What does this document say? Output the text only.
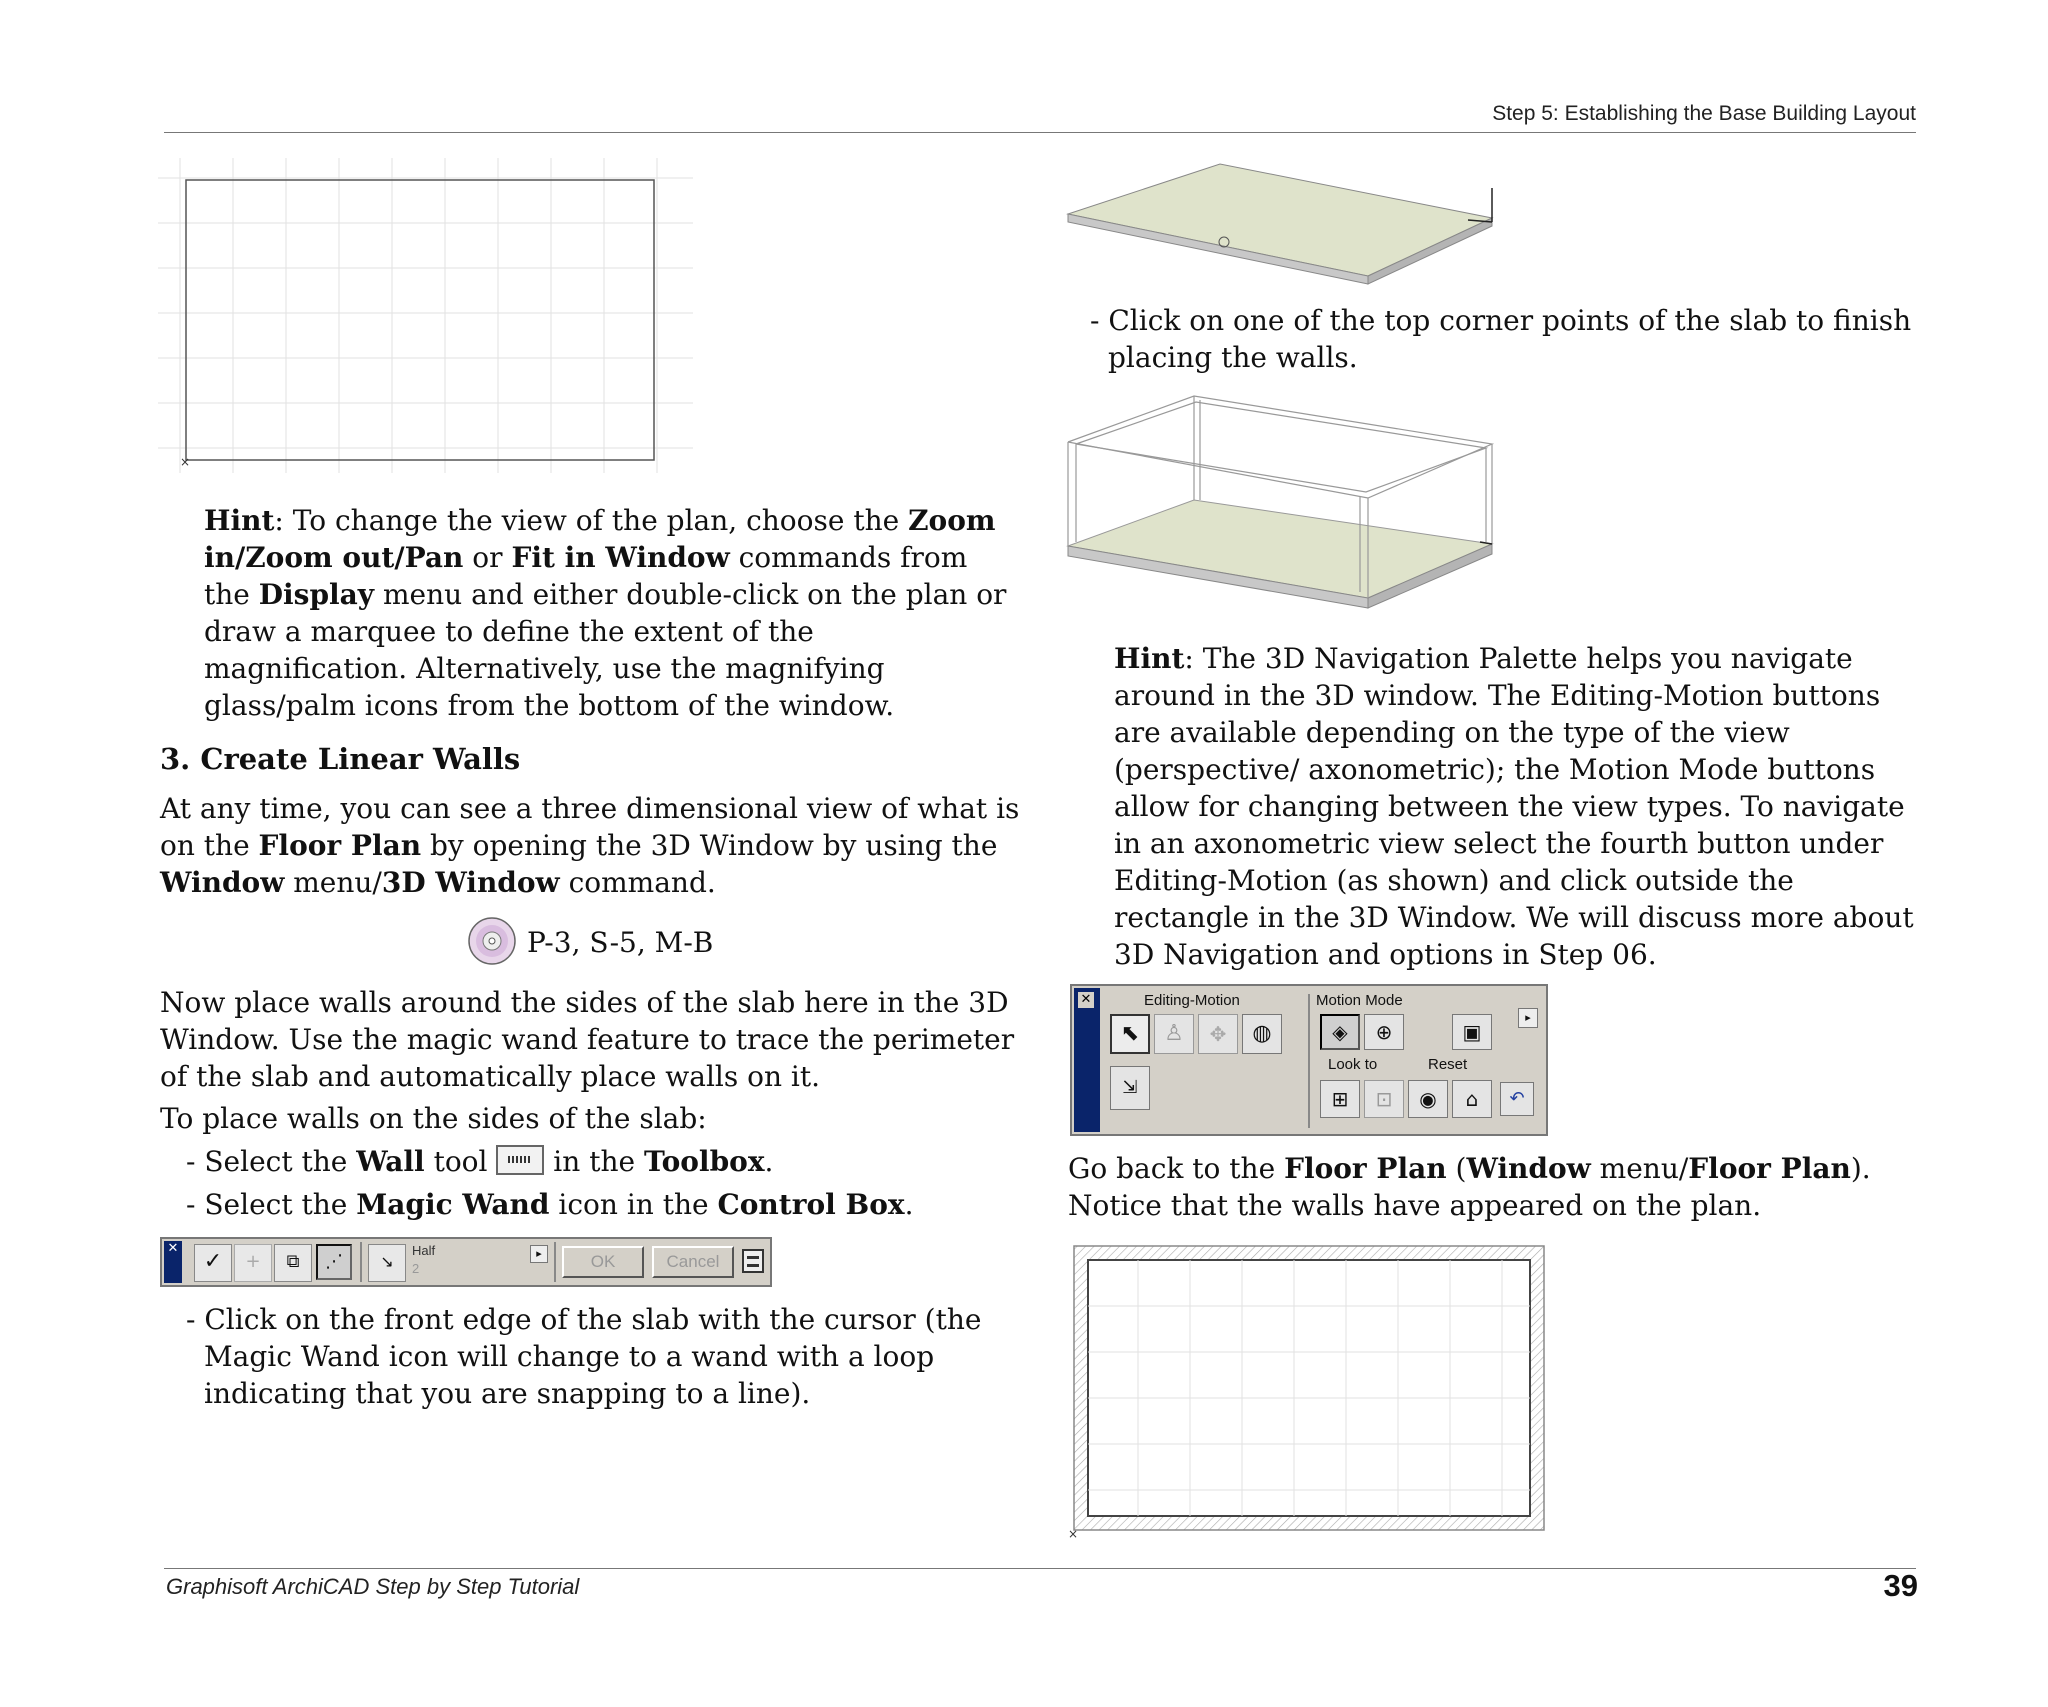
Step 5: Establishing the Base Building Layout
×
Hint: To change the view of the plan, choose the Zoom in/Zoom out/Pan or Fit in Window commands from the Display menu and either double-click on the plan or draw a marquee to define the extent of the magnification. Alternatively, use the magnifying glass/palm icons from the bottom of the window.
3. Create Linear Walls
At any time, you can see a three dimensional view of what is on the Floor Plan by opening the 3D Window by using the Window menu/3D Window command.
P-3, S-5, M-B
Now place walls around the sides of the slab here in the 3D Window. Use the magic wand feature to trace the perimeter of the slab and automatically place walls on it.
To place walls on the sides of the slab:
- Select the Wall tool
in the Toolbox.
- Select the Magic Wand icon in the Control Box.
✕
✓	+	⧉	⋰	↘
Half
2
▸	OK	Cancel
- Click on the front edge of the slab with the cursor (the Magic Wand icon will change to a wand with a loop indicating that you are snapping to a line).
- Click on one of the top corner points of the slab to finish placing the walls.
Hint: The 3D Navigation Palette helps you navigate around in the 3D window. The Editing-Motion buttons are available depending on the type of the view (perspective/ axonometric); the Motion Mode buttons allow for changing between the view types. To navigate in an axonometric view select the fourth button under Editing-Motion (as shown) and click outside the rectangle in the 3D Window. We will discuss more about 3D Navigation and options in Step 06.
✕	Editing-Motion
⬉	♙	✥	◍
⇲
Motion Mode
◈	⊕	▣
▸
Look to	Reset
⊞	⊡	◉	⌂	↶
Go back to the Floor Plan (Window menu/Floor Plan). Notice that the walls have appeared on the plan.
×
Graphisoft ArchiCAD Step by Step Tutorial	39
